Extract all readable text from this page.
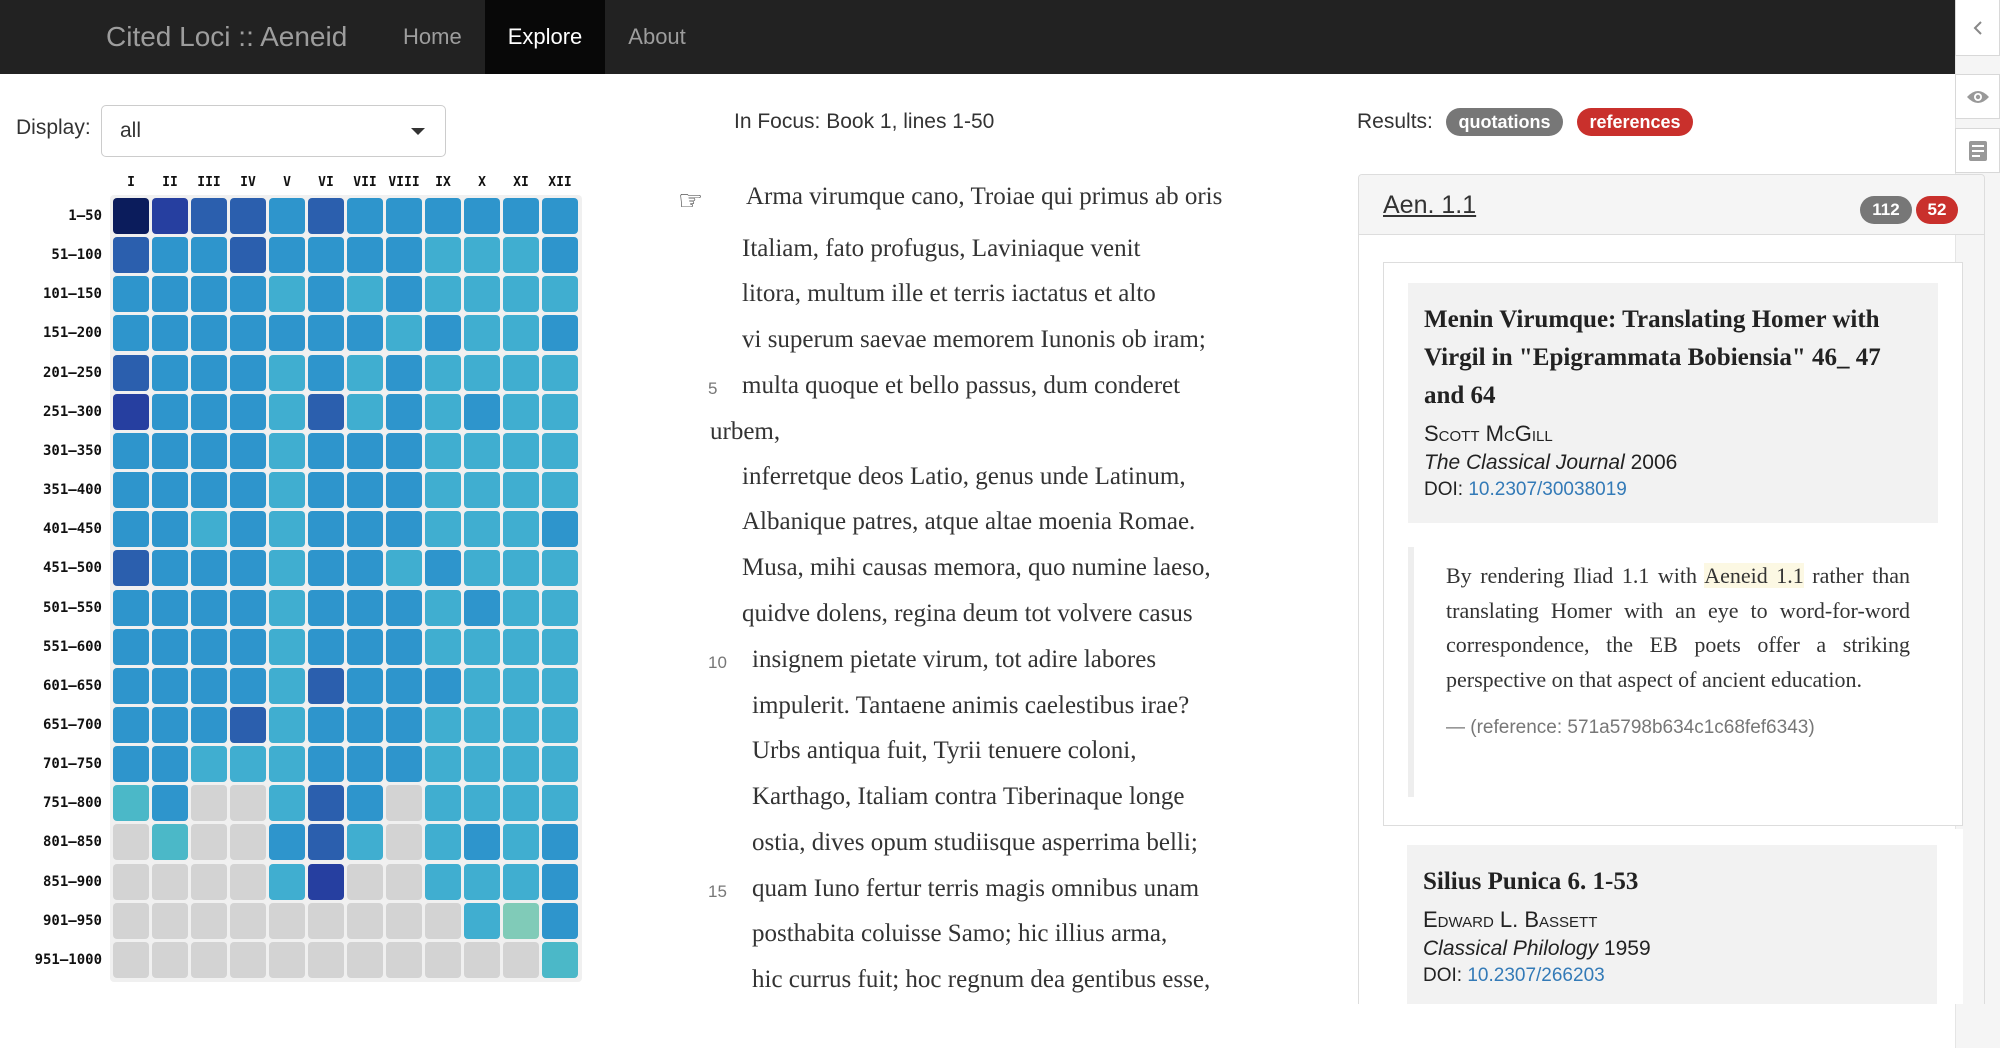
Cited Loci :: Aeneid	Home	Explore	About
Display: all
I	II	III	IV	V	VI	VII VIII	IX	X	XI	XII
1–50
51–100
101–150
151–200
201–250
251–300
301–350
351–400
401–450
451–500
501–550
551–600
601–650
651–700
701–750
751–800
801–850
851–900
901–950
951–1000
In Focus: Book 1, lines 1-50
☞ Arma virumque cano, Troiae qui primus ab oris
Italiam, fato profugus, Laviniaque venit
litora, multum ille et terris iactatus et alto
vi superum saevae memorem Iunonis ob iram;
multa quoque et bello passus, dum conderet
5
urbem,
inferretque deos Latio, genus unde Latinum,
Albanique patres, atque altae moenia Romae.
Musa, mihi causas memora, quo numine laeso,
quidve dolens, regina deum tot volvere casus
insignem pietate virum, tot adire labores
10
impulerit. Tantaene animis caelestibus irae?
Urbs antiqua fuit, Tyrii tenuere coloni,
Karthago, Italiam contra Tiberinaque longe
ostia, dives opum studiisque asperrima belli;
quam Iuno fertur terris magis omnibus unam
15
posthabita coluisse Samo; hic illius arma,
hic currus fuit; hoc regnum dea gentibus esse,
Results:	quotations	references
Aen. 1.1	112	52
Menin Virumque: Translating Homer with Virgil in "Epigrammata Bobiensia" 46_ 47 and 64
Scott McGill
The Classical Journal 2006
DOI: 10.2307/30038019
By rendering Iliad 1.1 with Aeneid 1.1 rather than translating Homer with an eye to word-for-word correspondence, the EB poets offer a striking perspective on that aspect of ancient education.
— (reference: 571a5798b634c1c68fef6343)
Silius Punica 6. 1-53
Edward L. Bassett
Classical Philology 1959
DOI: 10.2307/266203
